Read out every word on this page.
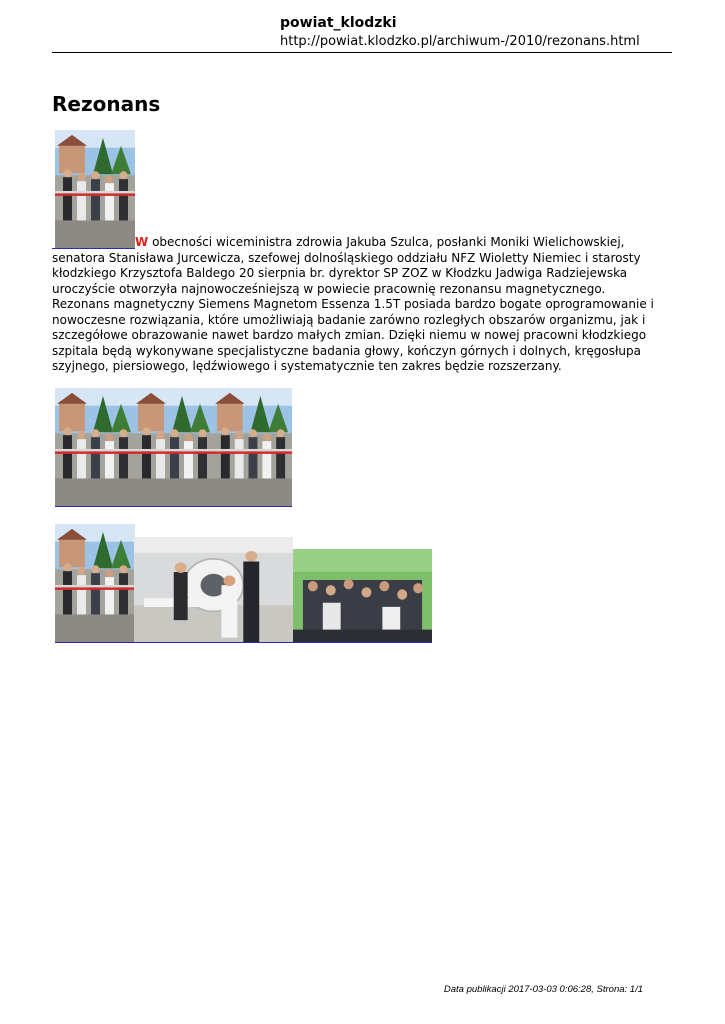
powiat_klodzki
http://powiat.klodzko.pl/archiwum-/2010/rezonans.html
Rezonans

W obecności wiceministra zdrowia Jakuba Szulca, posłanki Moniki Wielichowskiej,

senatora Stanisława Jurcewicza, szefowej dolnośląskiego oddziału NFZ Wioletty Niemiec i starosty

kłodzkiego Krzysztofa Baldego 20 sierpnia br. dyrektor SP ZOZ w Kłodzku Jadwiga Radziejewska

uroczyście otworzyła najnowocześniejszą w powiecie pracownię rezonansu magnetycznego.

Rezonans magnetyczny Siemens Magnetom Essenza 1.5T posiada bardzo bogate oprogramowanie i

nowoczesne rozwiązania, które umożliwiają badanie zarówno rozległych obszarów organizmu, jak i

szczegółowe obrazowanie nawet bardzo małych zmian. Dzięki niemu w nowej pracowni kłodzkiego

szpitala będą wykonywane specjalistyczne badania głowy, kończyn górnych i dolnych, kręgosłupa

szyjnego, piersiowego, lędźwiowego i systematycznie ten zakres będzie rozszerzany.

Data publikacji 2017-03-03 0:06:28, Strona: 1/1
